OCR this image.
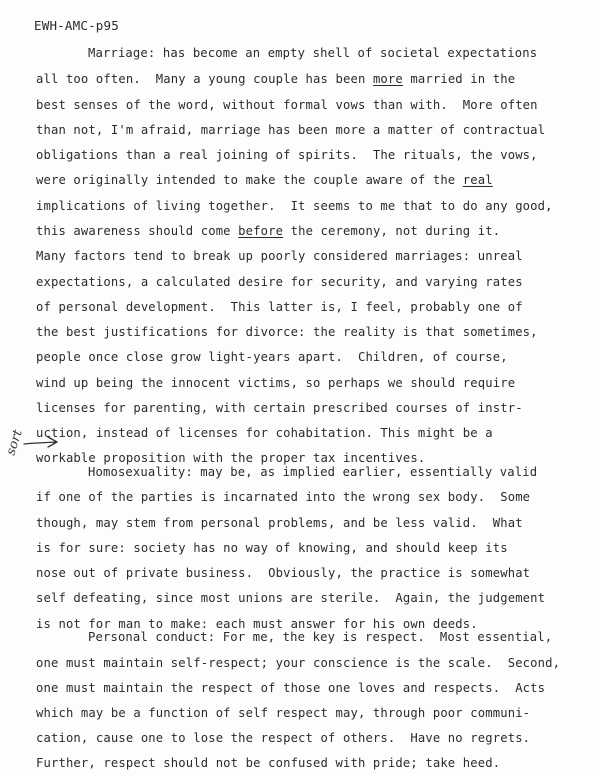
EWH-AMC-p95
Marriage: has become an empty shell of societal expectations
all too often.  Many a young couple has been more married in the
best senses of the word, without formal vows than with.  More often
than not, I'm afraid, marriage has been more a matter of contractual
obligations than a real joining of spirits.  The rituals, the vows,
were originally intended to make the couple aware of the real
implications of living together.  It seems to me that to do any good,
this awareness should come before the ceremony, not during it.
Many factors tend to break up poorly considered marriages: unreal
expectations, a calculated desire for security, and varying rates
of personal development.  This latter is, I feel, probably one of
the best justifications for divorce: the reality is that sometimes,
people once close grow light-years apart.  Children, of course,
wind up being the innocent victims, so perhaps we should require
licenses for parenting, with certain prescribed courses of instr-
uction, instead of licenses for cohabitation. This might be a
workable proposition with the proper tax incentives.
Homosexuality: may be, as implied earlier, essentially valid
if one of the parties is incarnated into the wrong sex body.  Some
though, may stem from personal problems, and be less valid.  What
is for sure: society has no way of knowing, and should keep its
nose out of private business.  Obviously, the practice is somewhat
self defeating, since most unions are sterile.  Again, the judgement
is not for man to make: each must answer for his own deeds.
Personal conduct: For me, the key is respect.  Most essential,
one must maintain self-respect; your conscience is the scale.  Second,
one must maintain the respect of those one loves and respects.  Acts
which may be a function of self respect may, through poor communi-
cation, cause one to lose the respect of others.  Have no regrets.
Further, respect should not be confused with pride; take heed.
sort
